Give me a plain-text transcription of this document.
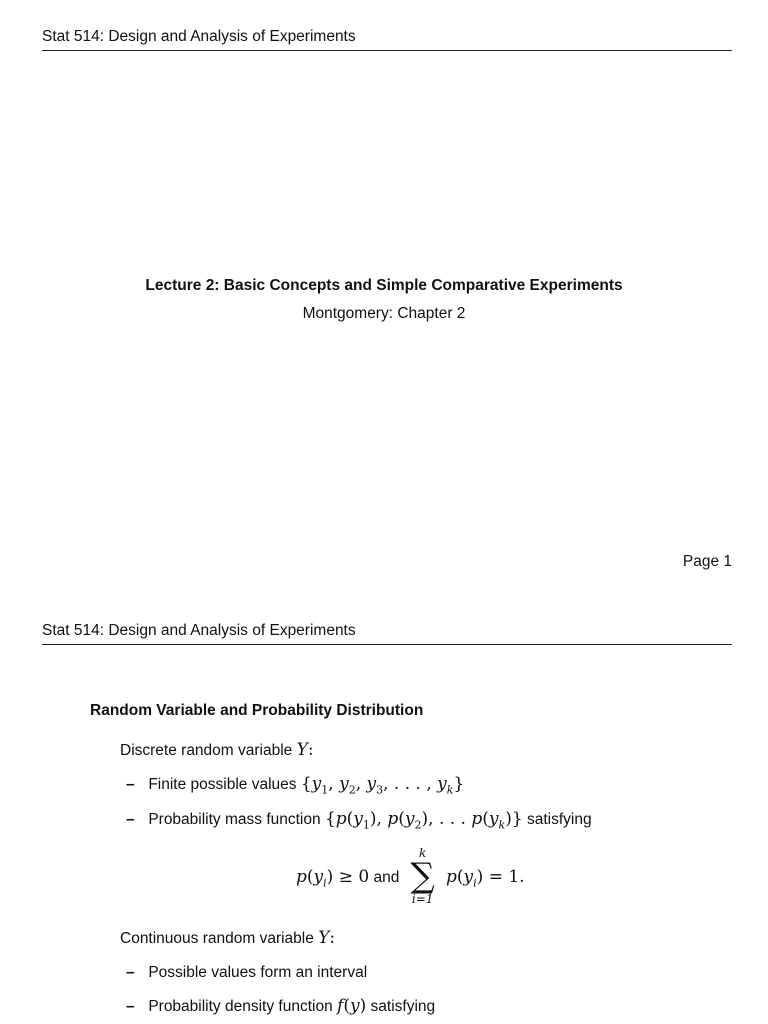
Stat 514: Design and Analysis of Experiments
Lecture 2: Basic Concepts and Simple Comparative Experiments
Montgomery: Chapter 2
Page 1
Stat 514: Design and Analysis of Experiments
Random Variable and Probability Distribution
Discrete random variable Y:
– Finite possible values {$y_1$, $y_2$, $y_3$, . . . , $y_k$}
– Probability mass function {$p(y_1)$, $p(y_2)$, . . . $p(y_k)$} satisfying
$p(y_i) \ge 0$ and
k
∑
i=1
$p(y_i) = 1$.
Continuous random variable Y:
– Possible values form an interval
– Probability density function f(y) satisfying
